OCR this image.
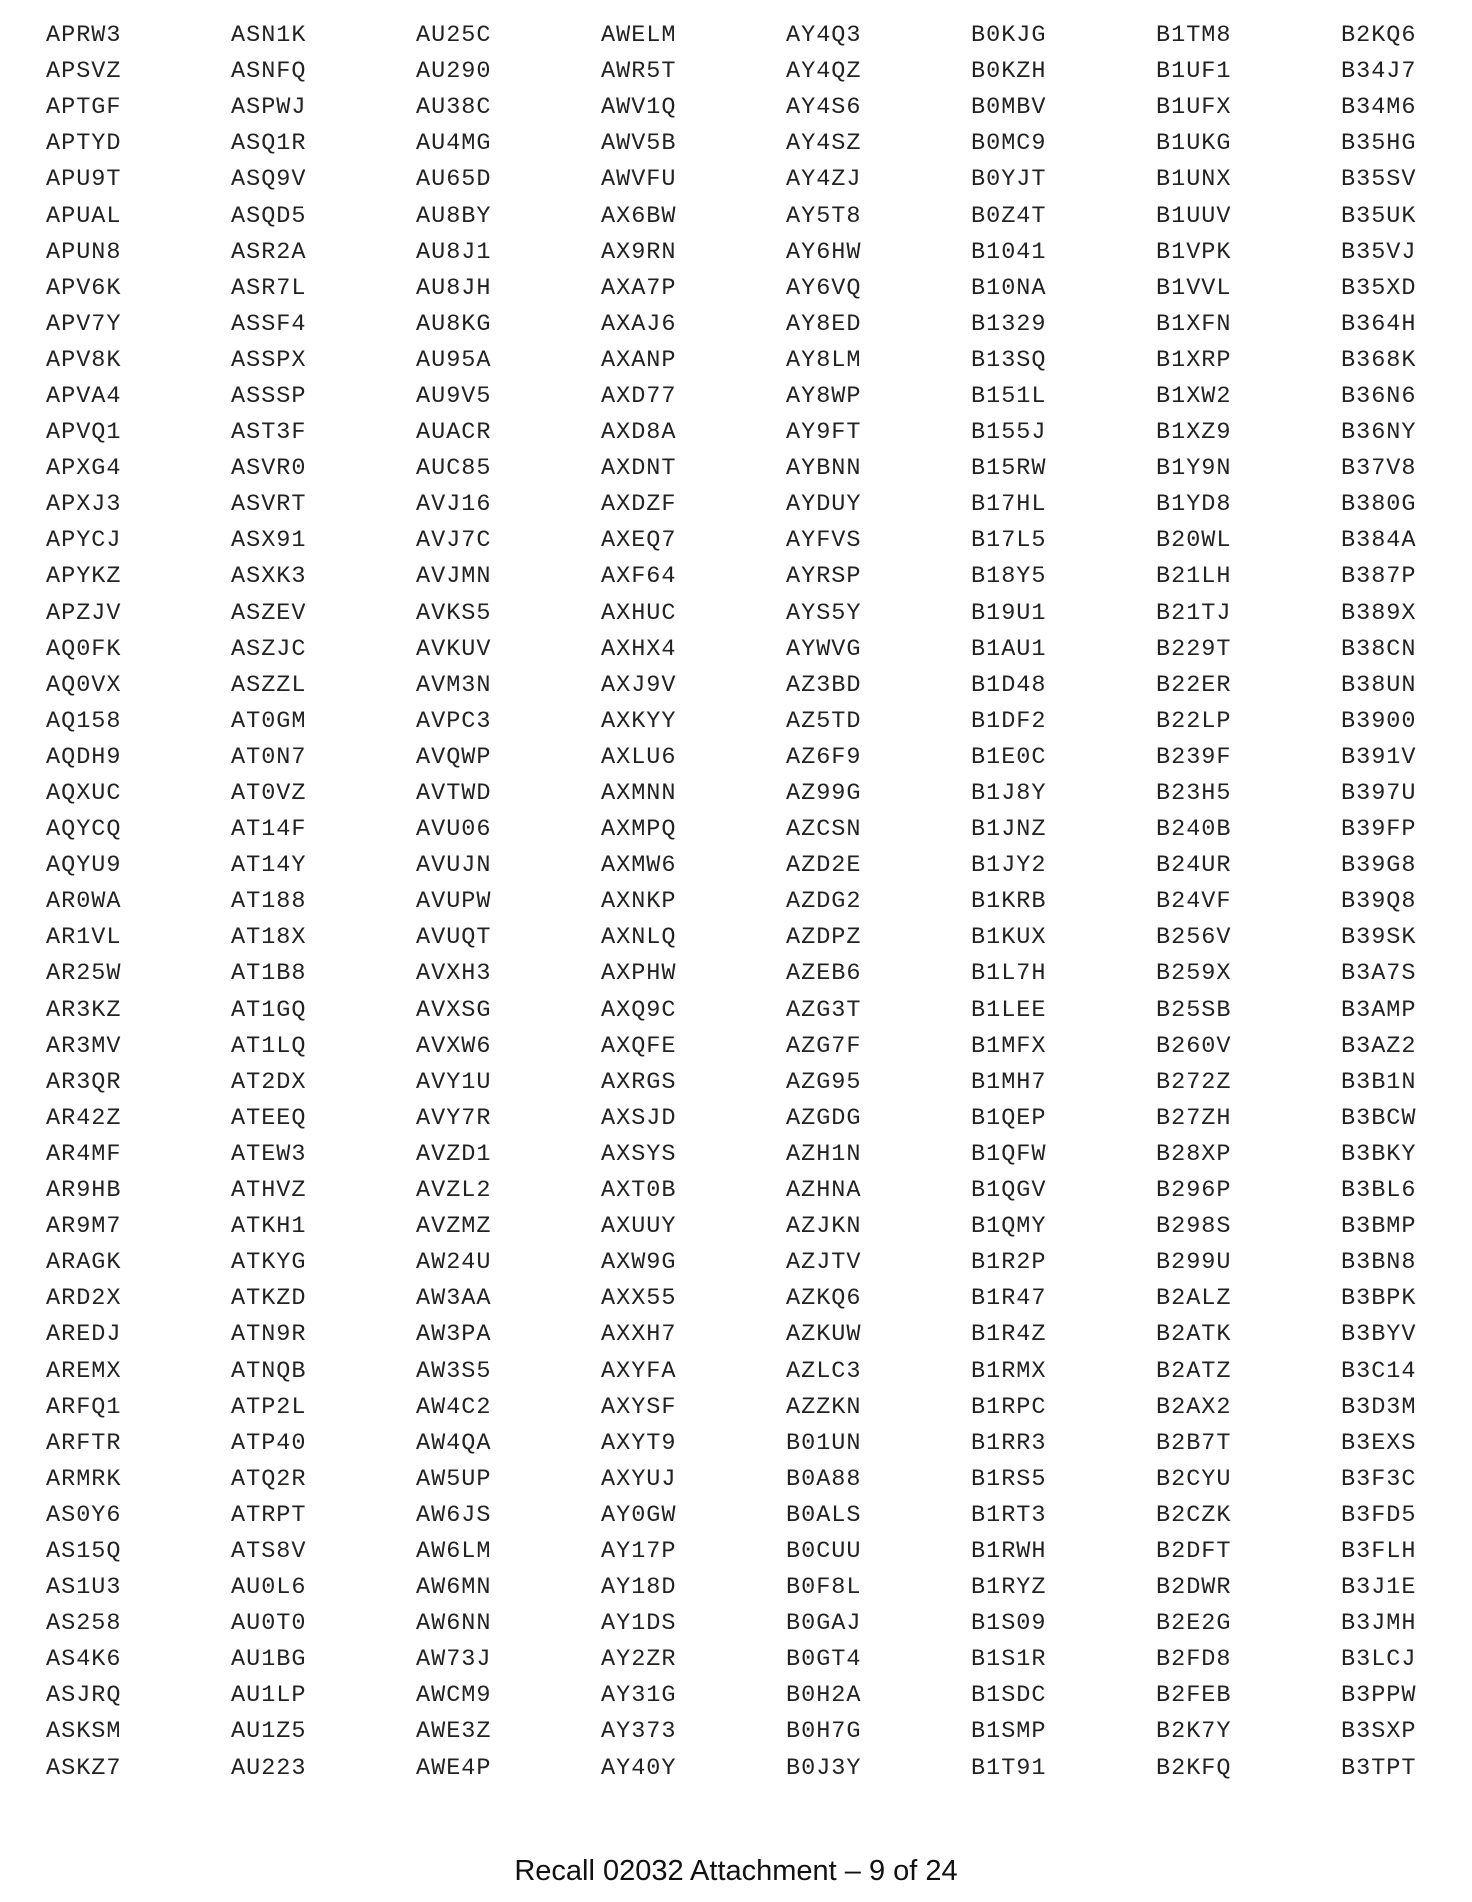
APRW3	ASN1K	AU25C	AWELM	AY4Q3	B0KJG	B1TM8	B2KQ6
APSVZ	ASNFQ	AU290	AWR5T	AY4QZ	B0KZH	B1UF1	B34J7
APTGF	ASPWJ	AU38C	AWV1Q	AY4S6	B0MBV	B1UFX	B34M6
APTYD	ASQ1R	AU4MG	AWV5B	AY4SZ	B0MC9	B1UKG	B35HG
APU9T	ASQ9V	AU65D	AWVFU	AY4ZJ	B0YJT	B1UNX	B35SV
APUAL	ASQD5	AU8BY	AX6BW	AY5T8	B0Z4T	B1UUV	B35UK
APUN8	ASR2A	AU8J1	AX9RN	AY6HW	B1041	B1VPK	B35VJ
APV6K	ASR7L	AU8JH	AXA7P	AY6VQ	B10NA	B1VVL	B35XD
APV7Y	ASSF4	AU8KG	AXAJ6	AY8ED	B1329	B1XFN	B364H
APV8K	ASSPX	AU95A	AXANP	AY8LM	B13SQ	B1XRP	B368K
APVA4	ASSSP	AU9V5	AXD77	AY8WP	B151L	B1XW2	B36N6
APVQ1	AST3F	AUACR	AXD8A	AY9FT	B155J	B1XZ9	B36NY
APXG4	ASVR0	AUC85	AXDNT	AYBNN	B15RW	B1Y9N	B37V8
APXJ3	ASVRT	AVJ16	AXDZF	AYDUY	B17HL	B1YD8	B380G
APYCJ	ASX91	AVJ7C	AXEQ7	AYFVS	B17L5	B20WL	B384A
APYKZ	ASXK3	AVJMN	AXF64	AYRSP	B18Y5	B21LH	B387P
APZJV	ASZEV	AVKS5	AXHUC	AYS5Y	B19U1	B21TJ	B389X
AQ0FK	ASZJC	AVKUV	AXHX4	AYWVG	B1AU1	B229T	B38CN
AQ0VX	ASZZL	AVM3N	AXJ9V	AZ3BD	B1D48	B22ER	B38UN
AQ158	AT0GM	AVPC3	AXKYY	AZ5TD	B1DF2	B22LP	B3900
AQDH9	AT0N7	AVQWP	AXLU6	AZ6F9	B1E0C	B239F	B391V
AQXUC	AT0VZ	AVTWD	AXMNN	AZ99G	B1J8Y	B23H5	B397U
AQYCQ	AT14F	AVU06	AXMPQ	AZCSN	B1JNZ	B240B	B39FP
AQYU9	AT14Y	AVUJN	AXMW6	AZD2E	B1JY2	B24UR	B39G8
AR0WA	AT188	AVUPW	AXNKP	AZDG2	B1KRB	B24VF	B39Q8
AR1VL	AT18X	AVUQT	AXNLQ	AZDPZ	B1KUX	B256V	B39SK
AR25W	AT1B8	AVXH3	AXPHW	AZEB6	B1L7H	B259X	B3A7S
AR3KZ	AT1GQ	AVXSG	AXQ9C	AZG3T	B1LEE	B25SB	B3AMP
AR3MV	AT1LQ	AVXW6	AXQFE	AZG7F	B1MFX	B260V	B3AZ2
AR3QR	AT2DX	AVY1U	AXRGS	AZG95	B1MH7	B272Z	B3B1N
AR42Z	ATEEQ	AVY7R	AXSJD	AZGDG	B1QEP	B27ZH	B3BCW
AR4MF	ATEW3	AVZD1	AXSYS	AZH1N	B1QFW	B28XP	B3BKY
AR9HB	ATHVZ	AVZL2	AXT0B	AZHNA	B1QGV	B296P	B3BL6
AR9M7	ATKH1	AVZMZ	AXUUY	AZJKN	B1QMY	B298S	B3BMP
ARAGK	ATKYG	AW24U	AXW9G	AZJTV	B1R2P	B299U	B3BN8
ARD2X	ATKZD	AW3AA	AXX55	AZKQ6	B1R47	B2ALZ	B3BPK
AREDJ	ATN9R	AW3PA	AXXH7	AZKUW	B1R4Z	B2ATK	B3BYV
AREMX	ATNQB	AW3S5	AXYFA	AZLC3	B1RMX	B2ATZ	B3C14
ARFQ1	ATP2L	AW4C2	AXYSF	AZZKN	B1RPC	B2AX2	B3D3M
ARFTR	ATP40	AW4QA	AXYT9	B01UN	B1RR3	B2B7T	B3EXS
ARMRK	ATQ2R	AW5UP	AXYUJ	B0A88	B1RS5	B2CYU	B3F3C
AS0Y6	ATRPT	AW6JS	AY0GW	B0ALS	B1RT3	B2CZK	B3FD5
AS15Q	ATS8V	AW6LM	AY17P	B0CUU	B1RWH	B2DFT	B3FLH
AS1U3	AU0L6	AW6MN	AY18D	B0F8L	B1RYZ	B2DWR	B3J1E
AS258	AU0T0	AW6NN	AY1DS	B0GAJ	B1S09	B2E2G	B3JMH
AS4K6	AU1BG	AW73J	AY2ZR	B0GT4	B1S1R	B2FD8	B3LCJ
ASJRQ	AU1LP	AWCM9	AY31G	B0H2A	B1SDC	B2FEB	B3PPW
ASKSM	AU1Z5	AWE3Z	AY373	B0H7G	B1SMP	B2K7Y	B3SXP
ASKZ7	AU223	AWE4P	AY40Y	B0J3Y	B1T91	B2KFQ	B3TPT
Recall 02032 Attachment – 9 of 24
